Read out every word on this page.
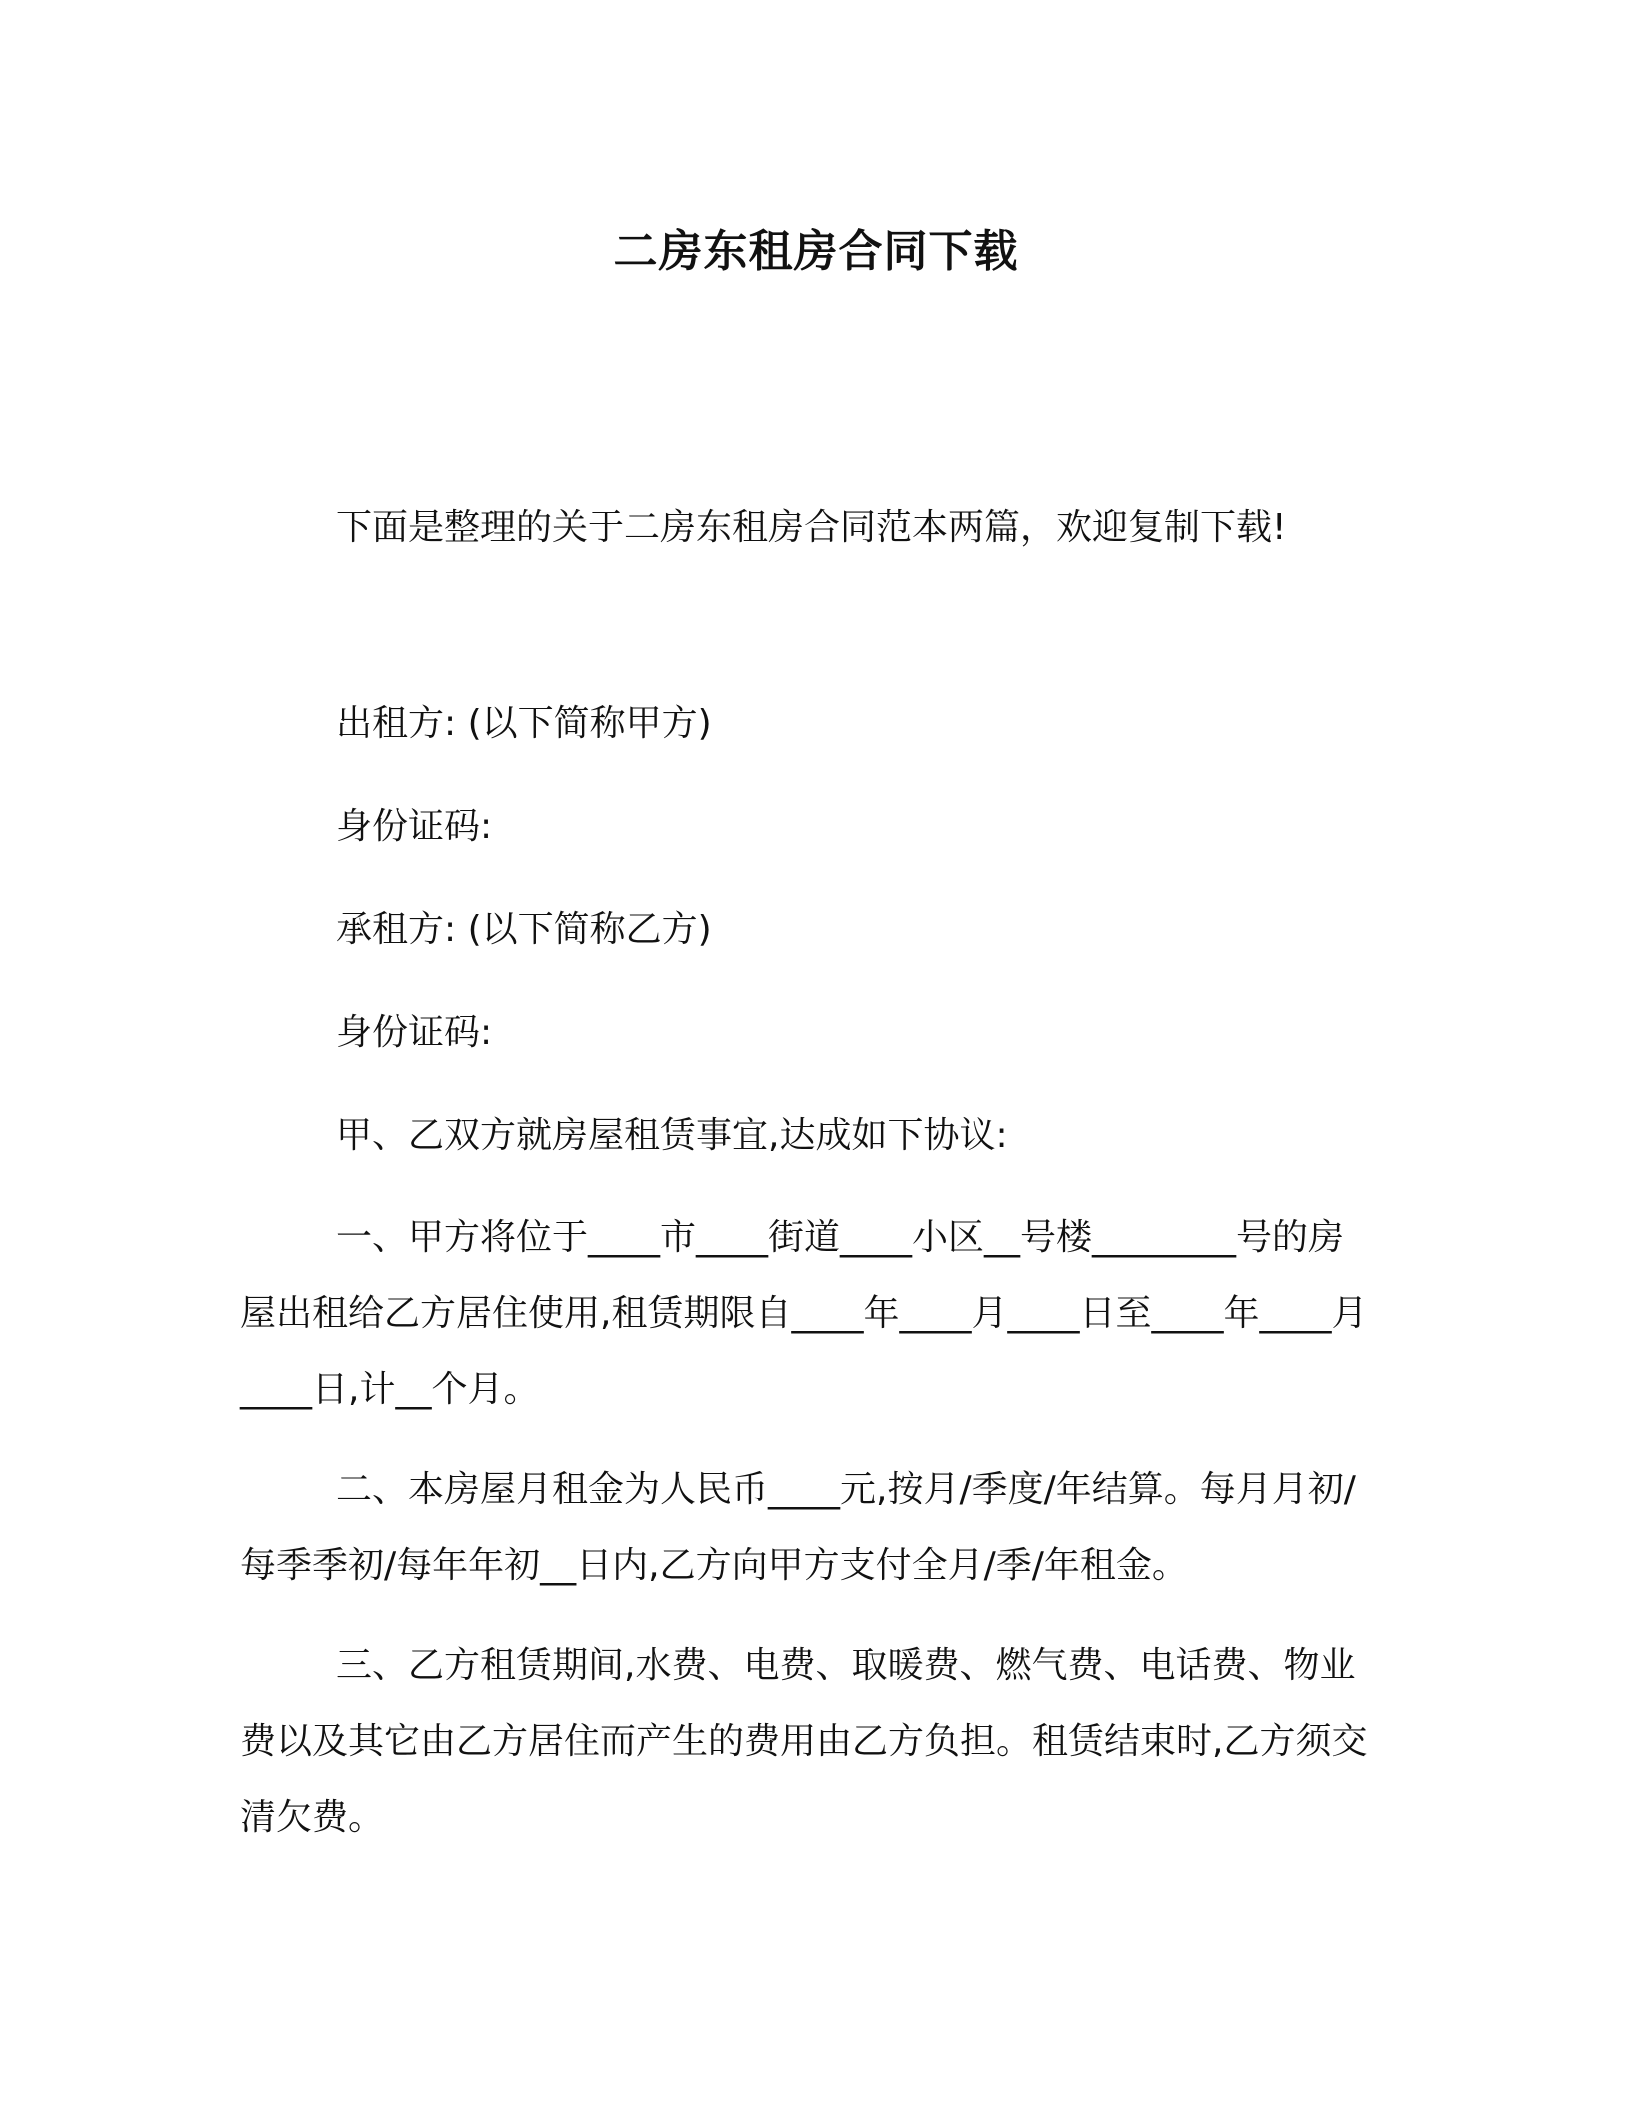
二房东租房合同下载
下面是整理的关于二房东租房合同范本两篇，欢迎复制下载!
出租方: (以下简称甲方)
身份证码:
承租方: (以下简称乙方)
身份证码:
甲、乙双方就房屋租赁事宜,达成如下协议:
一、甲方将位于____市____街道____小区__号楼________号的房屋出租给乙方居住使用,租赁期限自____年____月____日至____年____月____日,计__个月。
二、本房屋月租金为人民币____元,按月/季度/年结算。每月月初/每季季初/每年年初__日内,乙方向甲方支付全月/季/年租金。
三、乙方租赁期间,水费、电费、取暖费、燃气费、电话费、物业费以及其它由乙方居住而产生的费用由乙方负担。租赁结束时,乙方须交清欠费。
